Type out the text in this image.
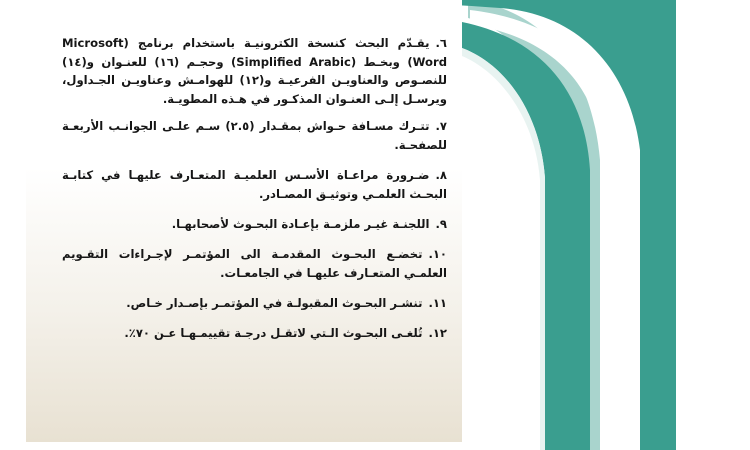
٦.يقـدّم البحث كنسخة الكترونيـة باستخدام برنامج (Microsoft Word) وبخـط (Simplified Arabic) وحجـم (١٦) للعنـوان و(١٤) للنصـوص والعناويـن الفرعيـة و(١٢) للهوامـش وعناويـن الجـداول، ويرسـل إلـى العنـوان المذكـور في هـذه المطويـة.
٧.تتـرك مسـافة حـواش بمقـدار (٢.٥) سـم علـى الجوانـب الأربعـة للصفحـة.
٨.ضـرورة مراعـاة الأسـس العلميـة المتعـارف عليهـا في كتابـة البحـث العلمـي وتوثيـق المصـادر.
٩.اللجنـة غيـر ملزمـة بإعـادة البحـوث لأصحابهـا.
١٠.تخضـع البحـوث المقدمـة الى المؤتمـر لإجـراءات التقـويم العلمـي المتعـارف عليهـا في الجامعـات.
١١.تنشـر البحـوث المقبولـة في المؤتمـر بإصـدار خـاص.
١٢.تُلغـى البحـوث الـتي لاتقـل درجـة تقييمـهـا عـن ٧٠٪.
